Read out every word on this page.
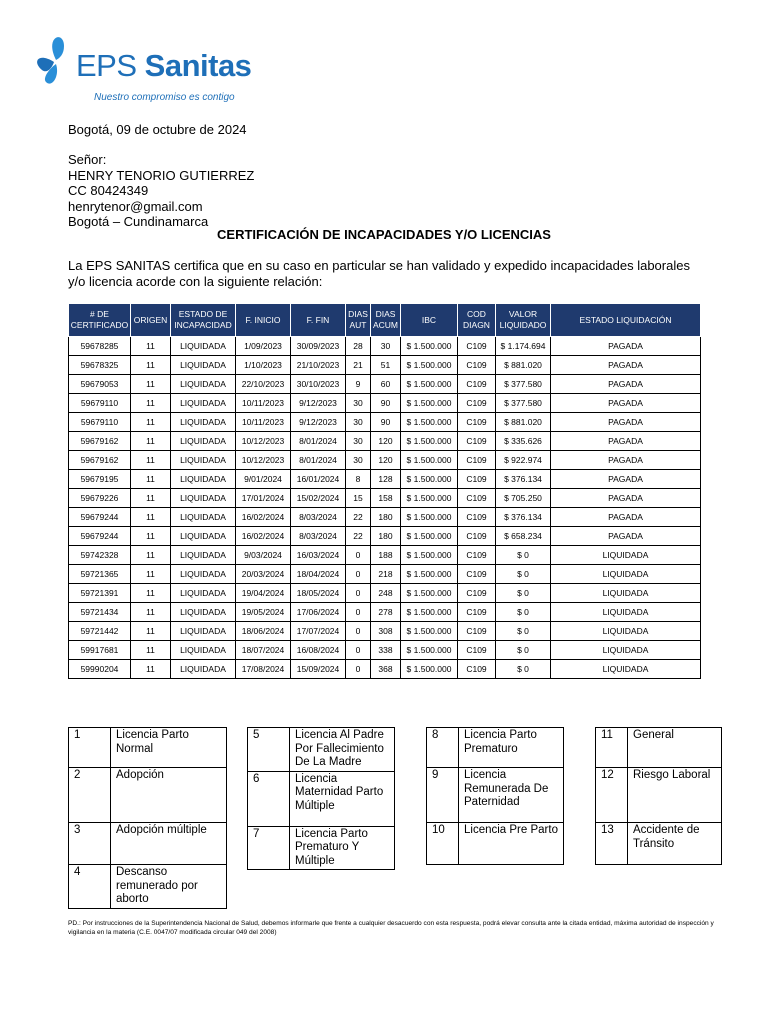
EPS Sanitas
Nuestro compromiso es contigo
Bogotá, 09 de octubre de 2024
Señor:
HENRY TENORIO GUTIERREZ
CC 80424349
henrytenor@gmail.com
Bogotá – Cundinamarca
CERTIFICACIÓN DE INCAPACIDADES Y/O LICENCIAS
La EPS SANITAS certifica que en su caso en particular se han validado y expedido incapacidades laborales y/o licencia acorde con la siguiente relación:
# DE CERTIFICADO	ORIGEN	ESTADO DE INCAPACIDAD	F. INICIO	F. FIN	DIAS AUT	DIAS ACUM	IBC	COD DIAGN	VALOR LIQUIDADO	ESTADO LIQUIDACIÓN
59678285	11	LIQUIDADA	1/09/2023	30/09/2023	28	30	$ 1.500.000	C109	$ 1.174.694	PAGADA
59678325	11	LIQUIDADA	1/10/2023	21/10/2023	21	51	$ 1.500.000	C109	$ 881.020	PAGADA
59679053	11	LIQUIDADA	22/10/2023	30/10/2023	9	60	$ 1.500.000	C109	$ 377.580	PAGADA
59679110	11	LIQUIDADA	10/11/2023	9/12/2023	30	90	$ 1.500.000	C109	$ 377.580	PAGADA
59679110	11	LIQUIDADA	10/11/2023	9/12/2023	30	90	$ 1.500.000	C109	$ 881.020	PAGADA
59679162	11	LIQUIDADA	10/12/2023	8/01/2024	30	120	$ 1.500.000	C109	$ 335.626	PAGADA
59679162	11	LIQUIDADA	10/12/2023	8/01/2024	30	120	$ 1.500.000	C109	$ 922.974	PAGADA
59679195	11	LIQUIDADA	9/01/2024	16/01/2024	8	128	$ 1.500.000	C109	$ 376.134	PAGADA
59679226	11	LIQUIDADA	17/01/2024	15/02/2024	15	158	$ 1.500.000	C109	$ 705.250	PAGADA
59679244	11	LIQUIDADA	16/02/2024	8/03/2024	22	180	$ 1.500.000	C109	$ 376.134	PAGADA
59679244	11	LIQUIDADA	16/02/2024	8/03/2024	22	180	$ 1.500.000	C109	$ 658.234	PAGADA
59742328	11	LIQUIDADA	9/03/2024	16/03/2024	0	188	$ 1.500.000	C109	$ 0	LIQUIDADA
59721365	11	LIQUIDADA	20/03/2024	18/04/2024	0	218	$ 1.500.000	C109	$ 0	LIQUIDADA
59721391	11	LIQUIDADA	19/04/2024	18/05/2024	0	248	$ 1.500.000	C109	$ 0	LIQUIDADA
59721434	11	LIQUIDADA	19/05/2024	17/06/2024	0	278	$ 1.500.000	C109	$ 0	LIQUIDADA
59721442	11	LIQUIDADA	18/06/2024	17/07/2024	0	308	$ 1.500.000	C109	$ 0	LIQUIDADA
59917681	11	LIQUIDADA	18/07/2024	16/08/2024	0	338	$ 1.500.000	C109	$ 0	LIQUIDADA
59990204	11	LIQUIDADA	17/08/2024	15/09/2024	0	368	$ 1.500.000	C109	$ 0	LIQUIDADA
1	Licencia Parto Normal
2	Adopción
3	Adopción múltiple
4	Descanso remunerado por aborto
5	Licencia Al Padre Por Fallecimiento De La Madre
6	Licencia Maternidad Parto Múltiple
7	Licencia Parto Prematuro Y Múltiple
8	Licencia Parto Prematuro
9	Licencia Remunerada De Paternidad
10	Licencia Pre Parto
11	General
12	Riesgo Laboral
13	Accidente de Tránsito
PD.: Por instrucciones de la Superintendencia Nacional de Salud, debemos informarle que frente a cualquier desacuerdo con esta respuesta, podrá elevar consulta ante la citada entidad, máxima autoridad de inspección y vigilancia en la materia (C.E. 0047/07 modificada circular 049 del 2008)
